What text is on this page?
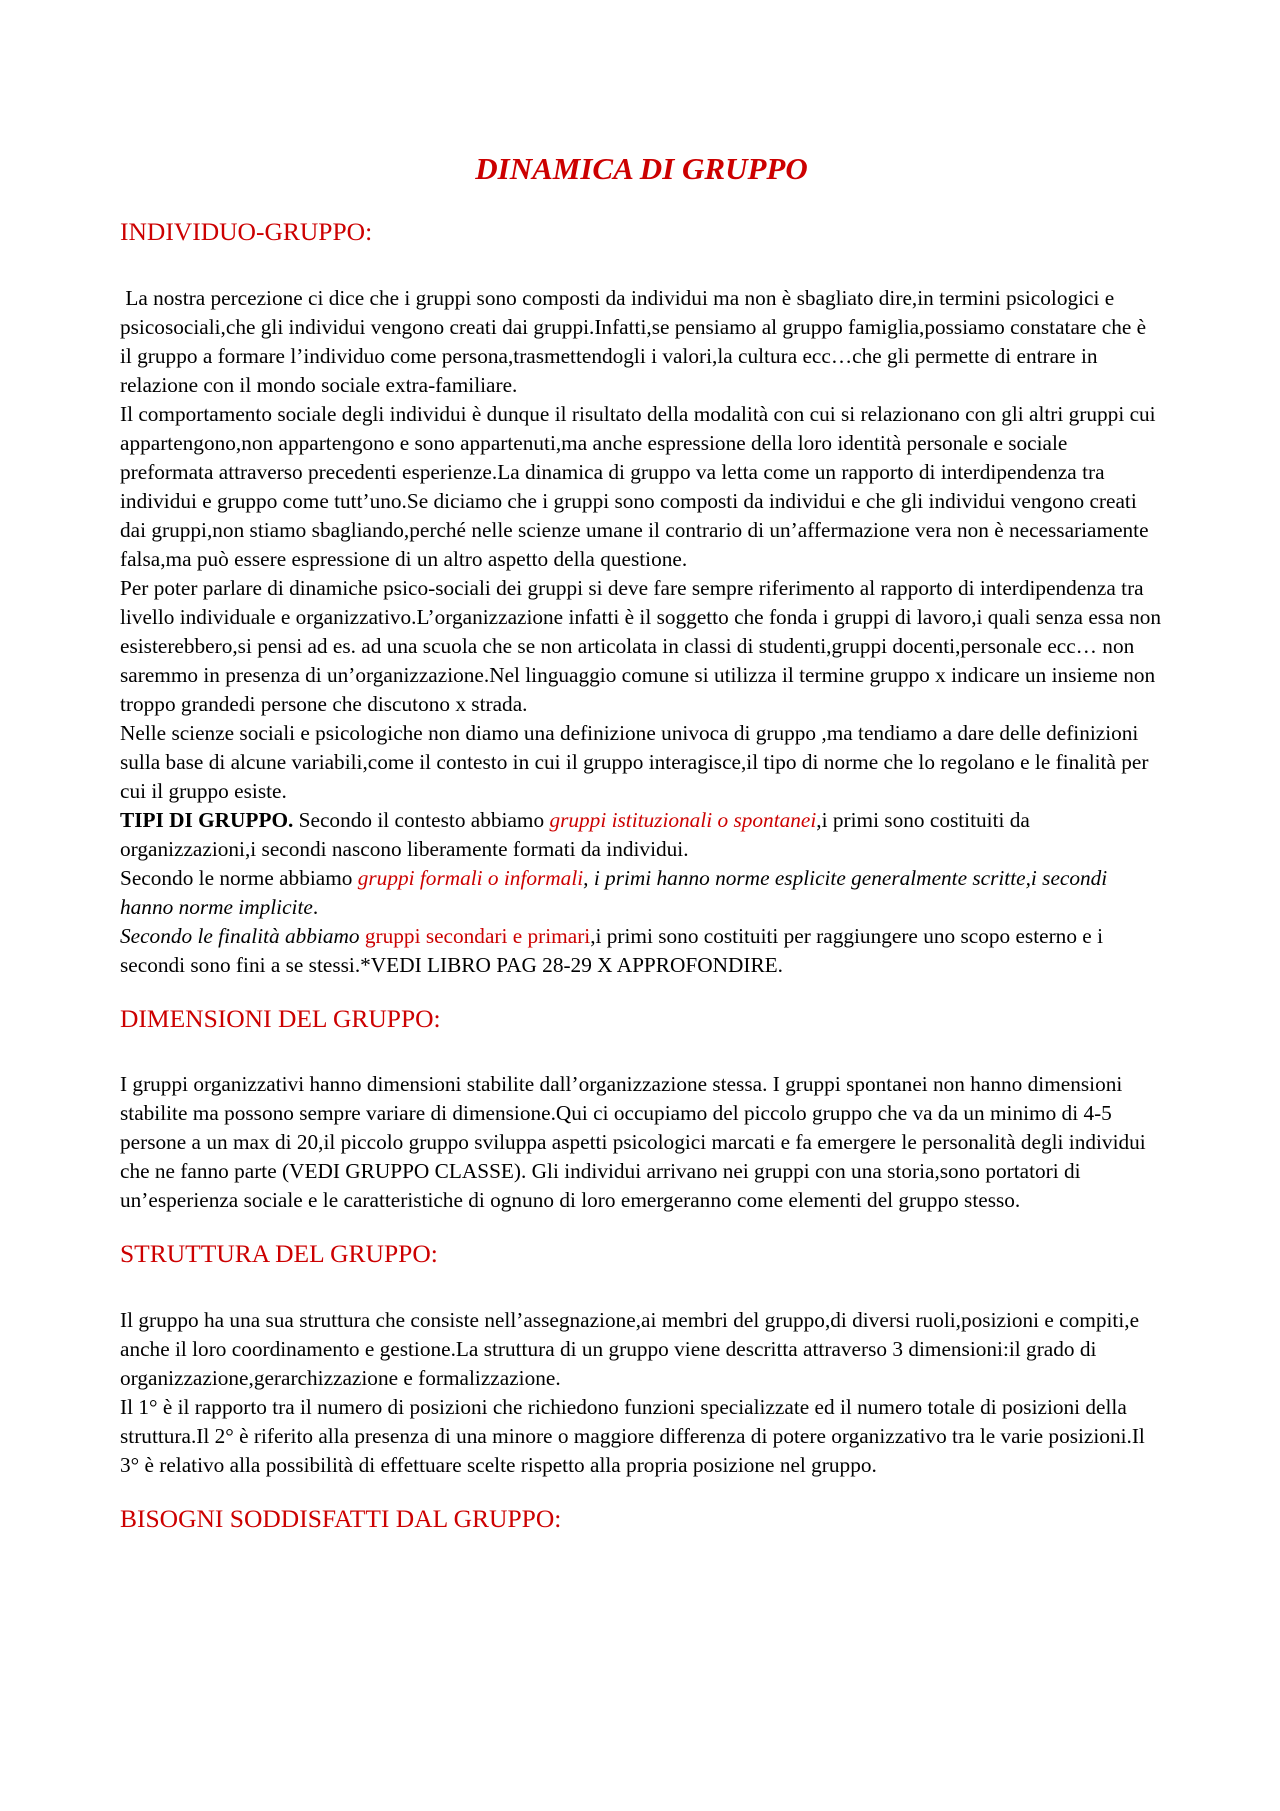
DINAMICA DI GRUPPO
INDIVIDUO-GRUPPO:

La nostra percezione ci dice che i gruppi sono composti da individui ma non è sbagliato dire,in termini psicologici e psicosociali,che gli individui vengono creati dai gruppi.Infatti,se pensiamo al gruppo famiglia,possiamo constatare che è il gruppo a formare l’individuo come persona,trasmettendogli i valori,la cultura ecc…che gli permette di entrare in relazione con il mondo sociale extra-familiare.

Il comportamento sociale degli individui è dunque il risultato della modalità con cui si relazionano con gli altri gruppi cui appartengono,non appartengono e sono appartenuti,ma anche espressione della loro identità personale e sociale preformata attraverso precedenti esperienze.La dinamica di gruppo va letta come un rapporto di interdipendenza tra individui e gruppo come tutt’uno.Se diciamo che i gruppi sono composti da individui e che gli individui vengono creati dai gruppi,non stiamo sbagliando,perché nelle scienze umane il contrario di un’affermazione vera non è necessariamente falsa,ma può essere espressione di un altro aspetto della questione.

Per poter parlare di dinamiche psico-sociali dei gruppi si deve fare sempre riferimento al rapporto di interdipendenza tra livello individuale e organizzativo.L’organizzazione infatti è il soggetto che fonda i gruppi di lavoro,i quali senza essa non esisterebbero,si pensi ad es. ad una scuola che se non articolata in classi di studenti,gruppi docenti,personale ecc… non saremmo in presenza di un’organizzazione.Nel linguaggio comune si utilizza il termine gruppo x indicare un insieme non troppo grandedi persone che discutono x strada.

Nelle scienze sociali e psicologiche non diamo una definizione univoca di gruppo ,ma tendiamo a dare delle definizioni sulla base di alcune variabili,come il contesto in cui il gruppo interagisce,il tipo di norme che lo regolano e le finalità per cui il gruppo esiste.

TIPI DI GRUPPO. Secondo il contesto abbiamo gruppi istituzionali o spontanei,i primi sono costituiti da organizzazioni,i secondi nascono liberamente formati da individui.

Secondo le norme abbiamo gruppi formali o informali, i primi hanno norme esplicite generalmente scritte,i secondi hanno norme implicite.

Secondo le finalità abbiamo gruppi secondari e primari,i primi sono costituiti per raggiungere uno scopo esterno e i secondi sono fini a se stessi.*VEDI LIBRO PAG 28-29 X APPROFONDIRE.

DIMENSIONI DEL GRUPPO:

I gruppi organizzativi hanno dimensioni stabilite dall’organizzazione stessa. I gruppi spontanei non hanno dimensioni stabilite ma possono sempre variare di dimensione.Qui ci occupiamo del piccolo gruppo che va da un minimo di 4-5 persone a un max di 20,il piccolo gruppo sviluppa aspetti psicologici marcati e fa emergere le personalità degli individui che ne fanno parte (VEDI GRUPPO CLASSE). Gli individui arrivano nei gruppi con una storia,sono portatori di un’esperienza sociale e le caratteristiche di ognuno di loro emergeranno come elementi del gruppo stesso.

STRUTTURA DEL GRUPPO:

Il gruppo ha una sua struttura che consiste nell’assegnazione,ai membri del gruppo,di diversi ruoli,posizioni e compiti,e anche il loro coordinamento e gestione.La struttura di un gruppo viene descritta attraverso 3 dimensioni:il grado di organizzazione,gerarchizzazione e formalizzazione.

Il 1° è il rapporto tra il numero di posizioni che richiedono funzioni specializzate ed il numero totale di posizioni della struttura.Il 2° è riferito alla presenza di una minore o maggiore differenza di potere organizzativo tra le varie posizioni.Il 3° è relativo alla possibilità di effettuare scelte rispetto alla propria posizione nel gruppo.

BISOGNI SODDISFATTI DAL GRUPPO:
